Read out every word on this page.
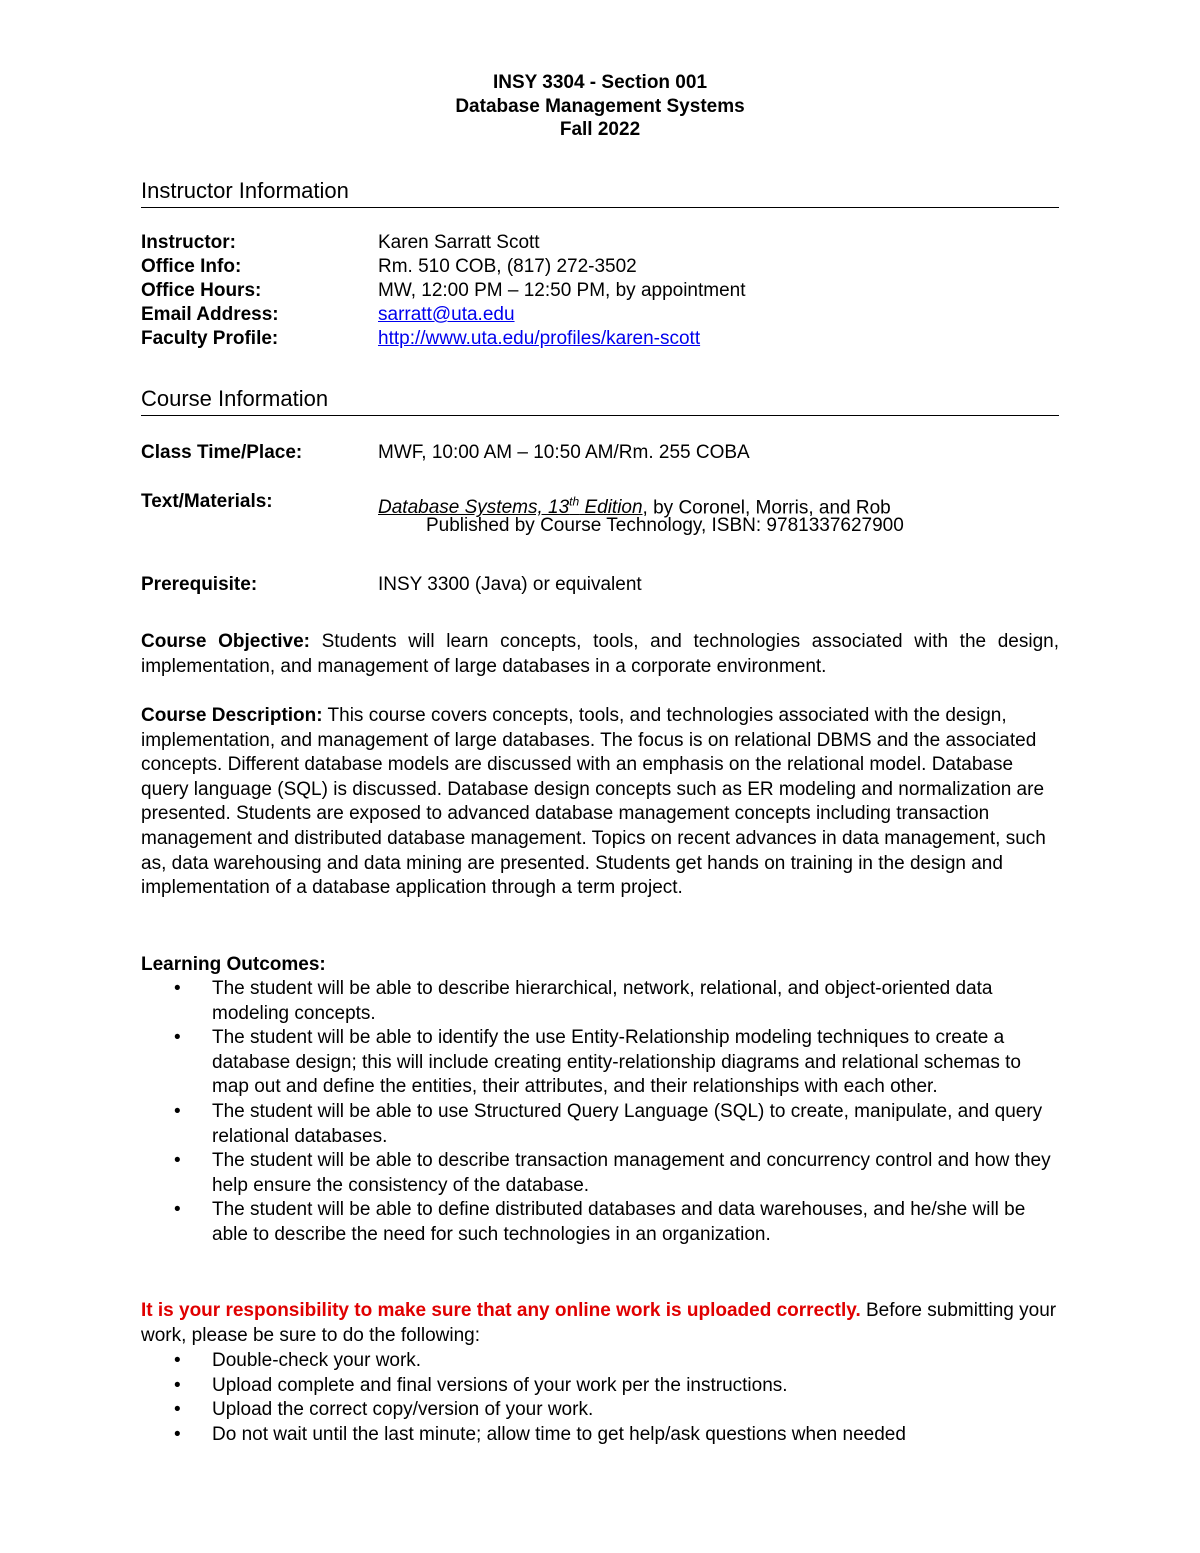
INSY 3304 - Section 001
Database Management Systems
Fall 2022
Instructor Information
Instructor:	Karen Sarratt Scott
Office Info:	Rm. 510 COB, (817) 272-3502
Office Hours:	MW, 12:00 PM – 12:50 PM, by appointment
Email Address:	sarratt@uta.edu
Faculty Profile:	http://www.uta.edu/profiles/karen-scott
Course Information
Class Time/Place:	MWF, 10:00 AM – 10:50 AM/Rm. 255 COBA
Text/Materials:	Database Systems, 13th Edition, by Coronel, Morris, and Rob
Published by Course Technology, ISBN: 9781337627900
Prerequisite:	INSY 3300 (Java) or equivalent
Course Objective: Students will learn concepts, tools, and technologies associated with the design, implementation, and management of large databases in a corporate environment.
Course Description: This course covers concepts, tools, and technologies associated with the design, implementation, and management of large databases. The focus is on relational DBMS and the associated concepts. Different database models are discussed with an emphasis on the relational model. Database query language (SQL) is discussed. Database design concepts such as ER modeling and normalization are presented. Students are exposed to advanced database management concepts including transaction management and distributed database management. Topics on recent advances in data management, such as, data warehousing and data mining are presented. Students get hands on training in the design and implementation of a database application through a term project.
Learning Outcomes:
• The student will be able to describe hierarchical, network, relational, and object-oriented data modeling concepts.
• The student will be able to identify the use Entity-Relationship modeling techniques to create a database design; this will include creating entity-relationship diagrams and relational schemas to map out and define the entities, their attributes, and their relationships with each other.
• The student will be able to use Structured Query Language (SQL) to create, manipulate, and query relational databases.
• The student will be able to describe transaction management and concurrency control and how they help ensure the consistency of the database.
• The student will be able to define distributed databases and data warehouses, and he/she will be able to describe the need for such technologies in an organization.
It is your responsibility to make sure that any online work is uploaded correctly. Before submitting your work, please be sure to do the following:
• Double-check your work.
• Upload complete and final versions of your work per the instructions.
• Upload the correct copy/version of your work.
• Do not wait until the last minute; allow time to get help/ask questions when needed
